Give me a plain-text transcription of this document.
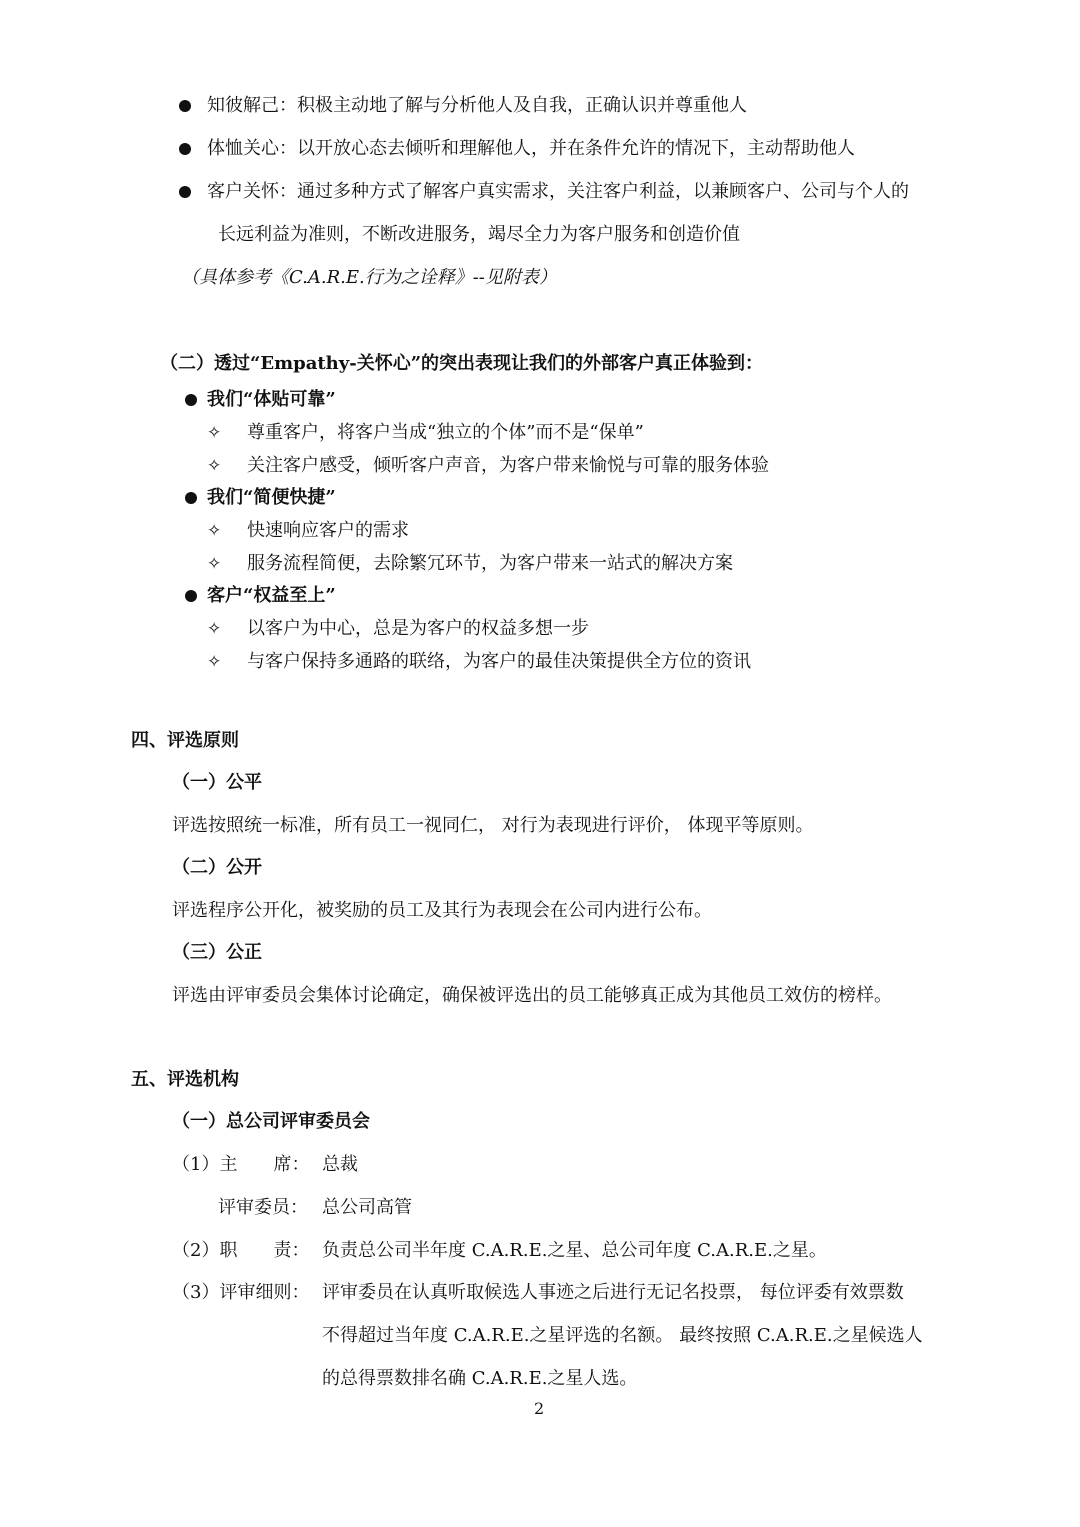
知彼解己：积极主动地了解与分析他人及自我，正确认识并尊重他人
体恤关心：以开放心态去倾听和理解他人，并在条件允许的情况下，主动帮助他人
客户关怀：通过多种方式了解客户真实需求，关注客户利益，以兼顾客户、公司与个人的
长远利益为准则，不断改进服务，竭尽全力为客户服务和创造价值
（具体参考《C.A.R.E.行为之诠释》--见附表）
（二）透过“Empathy-关怀心”的突出表现让我们的外部客户真正体验到：
我们“体贴可靠”
✧ 尊重客户，将客户当成“独立的个体”而不是“保单”
✧ 关注客户感受，倾听客户声音，为客户带来愉悦与可靠的服务体验
我们“简便快捷”
✧ 快速响应客户的需求
✧ 服务流程简便，去除繁冗环节，为客户带来一站式的解决方案
客户“权益至上”
✧ 以客户为中心，总是为客户的权益多想一步
✧ 与客户保持多通路的联络，为客户的最佳决策提供全方位的资讯
四、评选原则
（一）公平
评选按照统一标准，所有员工一视同仁， 对行为表现进行评价， 体现平等原则。
（二）公开
评选程序公开化，被奖励的员工及其行为表现会在公司内进行公布。
（三）公正
评选由评审委员会集体讨论确定，确保被评选出的员工能够真正成为其他员工效仿的榜样。
五、评选机构
（一）总公司评审委员会
（1）主　　席： 总裁
评审委员： 总公司高管
（2）职　　责： 负责总公司半年度 C.A.R.E.之星、总公司年度 C.A.R.E.之星。
（3）评审细则： 评审委员在认真听取候选人事迹之后进行无记名投票， 每位评委有效票数
不得超过当年度 C.A.R.E.之星评选的名额。 最终按照 C.A.R.E.之星候选人
的总得票数排名确 C.A.R.E.之星人选。
2
